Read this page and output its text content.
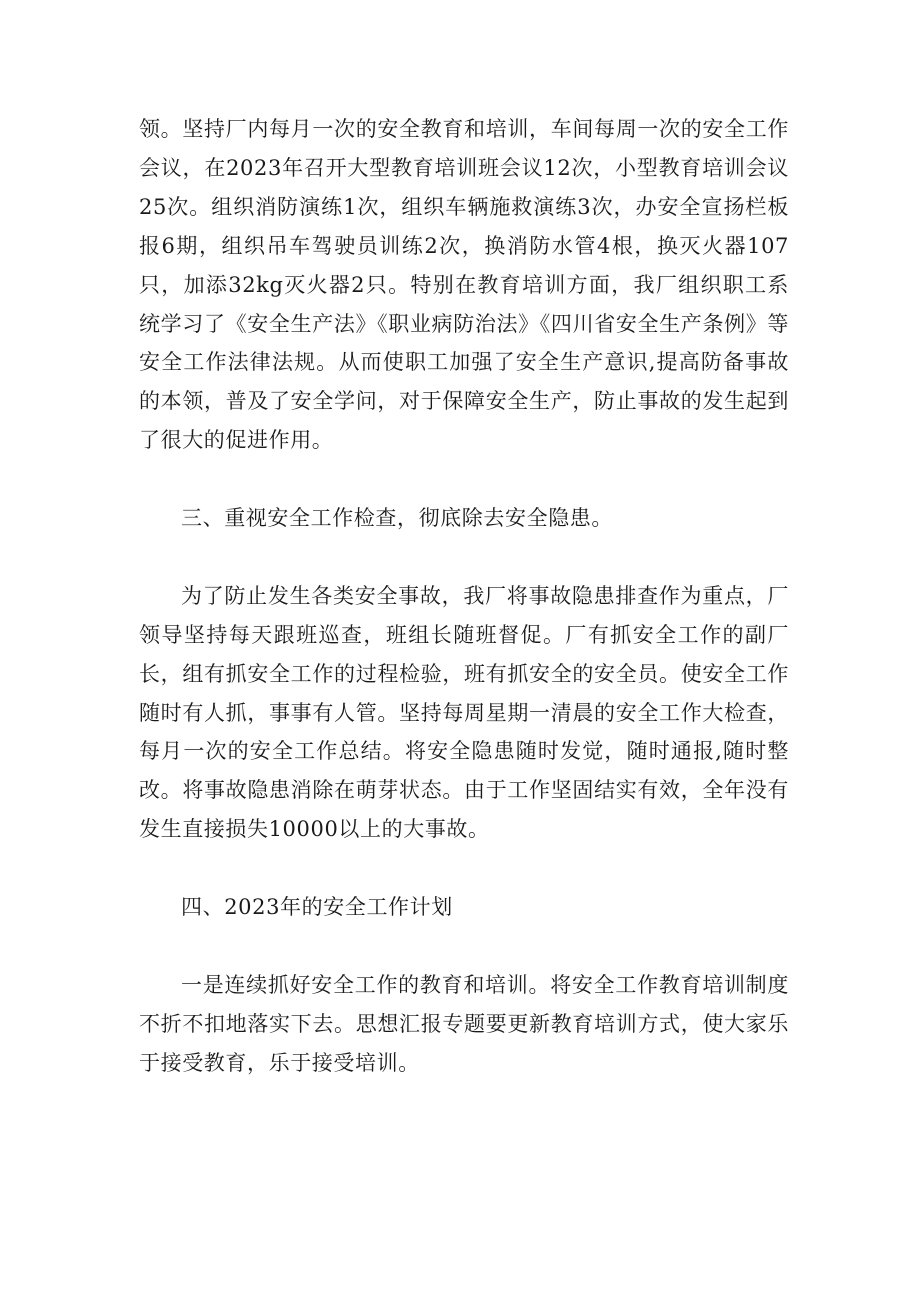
领。坚持厂内每月一次的安全教育和培训，车间每周一次的安全工作会议，在2023年召开大型教育培训班会议12次，小型教育培训会议25次。组织消防演练1次，组织车辆施救演练3次，办安全宣扬栏板报6期，组织吊车驾驶员训练2次，换消防水管4根，换灭火器107只，加添32kg灭火器2只。特别在教育培训方面，我厂组织职工系统学习了《安全生产法》《职业病防治法》《四川省安全生产条例》等安全工作法律法规。从而使职工加强了安全生产意识,提高防备事故的本领，普及了安全学问，对于保障安全生产，防止事故的发生起到了很大的促进作用。

三、重视安全工作检查，彻底除去安全隐患。

为了防止发生各类安全事故，我厂将事故隐患排查作为重点，厂领导坚持每天跟班巡查，班组长随班督促。厂有抓安全工作的副厂长，组有抓安全工作的过程检验，班有抓安全的安全员。使安全工作随时有人抓，事事有人管。坚持每周星期一清晨的安全工作大检查，每月一次的安全工作总结。将安全隐患随时发觉，随时通报,随时整改。将事故隐患消除在萌芽状态。由于工作坚固结实有效，全年没有发生直接损失10000以上的大事故。

四、2023年的安全工作计划

一是连续抓好安全工作的教育和培训。将安全工作教育培训制度不折不扣地落实下去。思想汇报专题要更新教育培训方式，使大家乐于接受教育，乐于接受培训。
